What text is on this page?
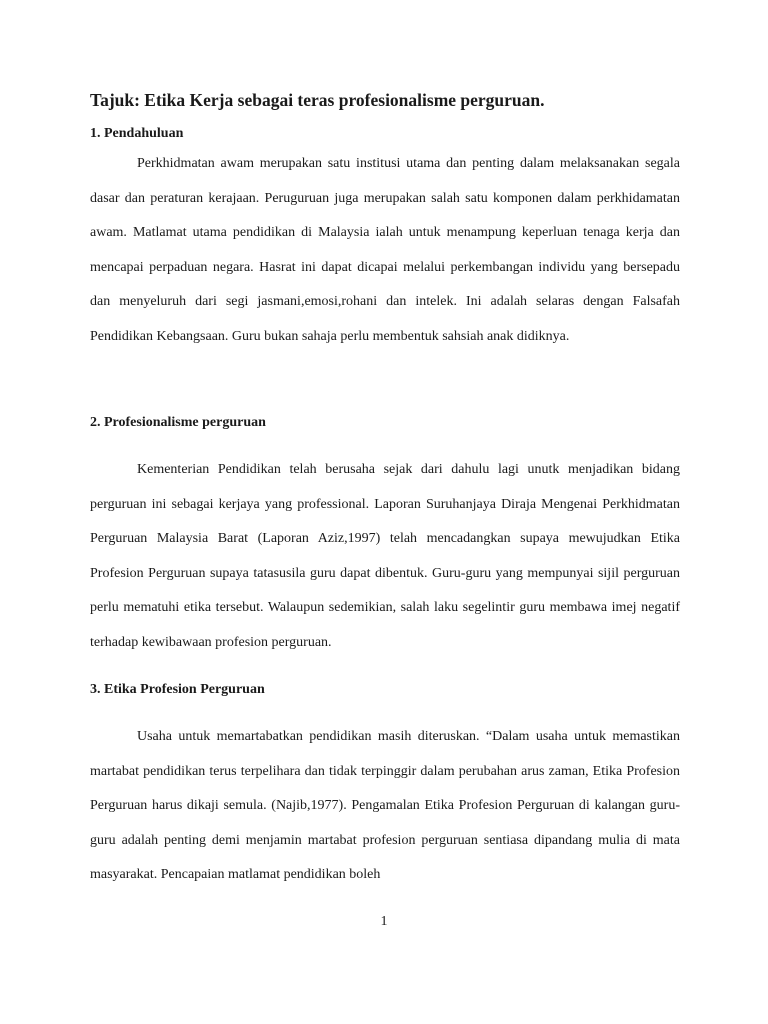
Tajuk: Etika Kerja sebagai teras profesionalisme perguruan.
1. Pendahuluan

Perkhidmatan awam merupakan satu institusi utama dan penting dalam melaksanakan segala dasar dan peraturan kerajaan. Peruguruan juga merupakan salah satu komponen dalam perkhidamatan awam. Matlamat utama pendidikan di Malaysia ialah untuk menampung keperluan tenaga kerja dan mencapai perpaduan negara. Hasrat ini dapat dicapai melalui perkembangan individu yang bersepadu dan menyeluruh dari segi jasmani,emosi,rohani dan intelek. Ini adalah selaras dengan Falsafah Pendidikan Kebangsaan. Guru bukan sahaja perlu membentuk sahsiah anak didiknya.

2. Profesionalisme perguruan

Kementerian Pendidikan telah berusaha sejak dari dahulu lagi unutk menjadikan bidang perguruan ini sebagai kerjaya yang professional. Laporan Suruhanjaya Diraja Mengenai Perkhidmatan Perguruan Malaysia Barat (Laporan Aziz,1997) telah mencadangkan supaya mewujudkan Etika Profesion Perguruan supaya tatasusila guru dapat dibentuk. Guru-guru yang mempunyai sijil perguruan perlu mematuhi etika tersebut. Walaupun sedemikian, salah laku segelintir guru membawa imej negatif terhadap kewibawaan profesion perguruan.

3. Etika Profesion Perguruan

Usaha untuk memartabatkan pendidikan masih diteruskan. “Dalam usaha untuk memastikan martabat pendidikan terus terpelihara dan tidak terpinggir dalam perubahan arus zaman, Etika Profesion Perguruan harus dikaji semula. (Najib,1977). Pengamalan Etika Profesion Perguruan di kalangan guru-guru adalah penting demi menjamin martabat profesion perguruan sentiasa dipandang mulia di mata masyarakat. Pencapaian matlamat pendidikan boleh

1
